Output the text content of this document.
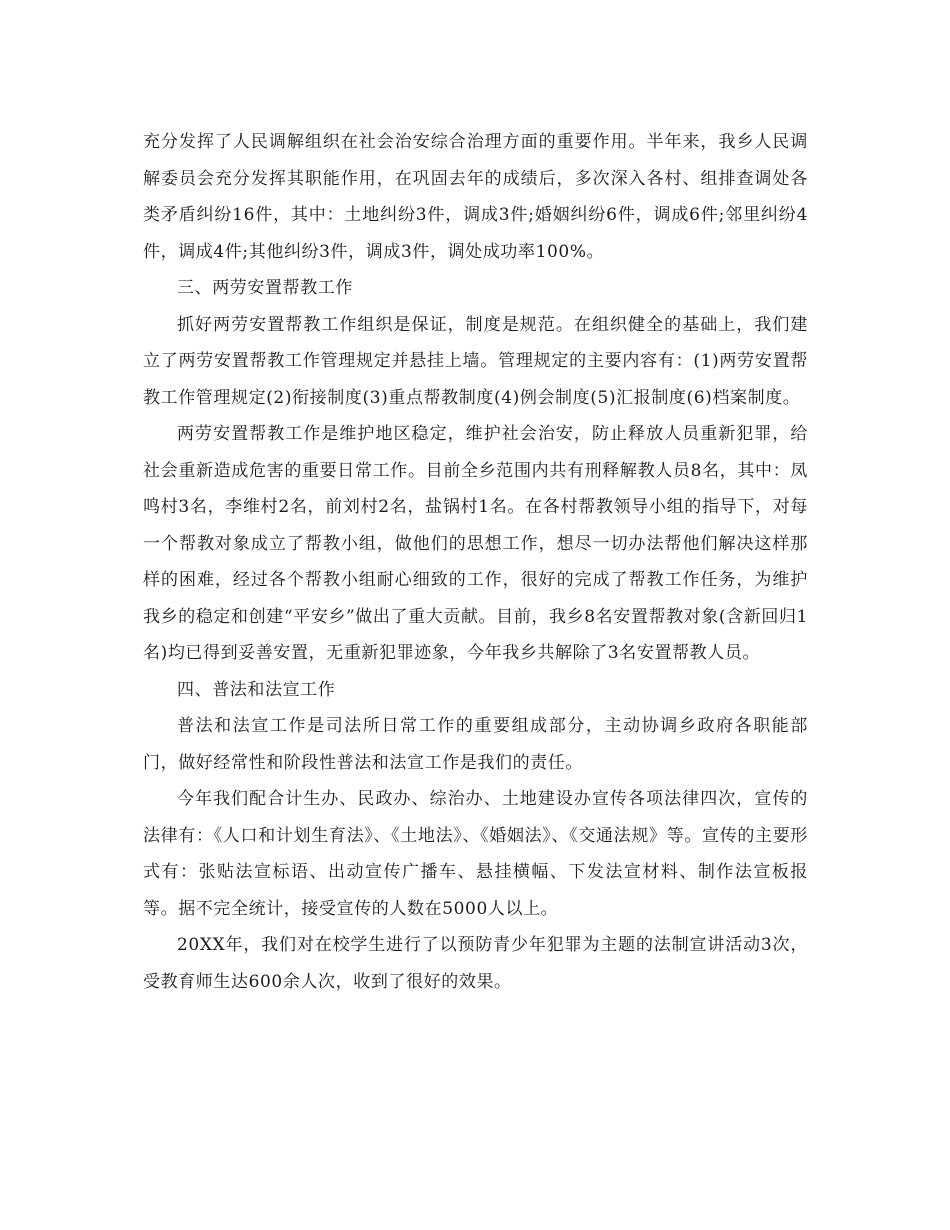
充分发挥了人民调解组织在社会治安综合治理方面的重要作用。半年来，我乡人民调解委员会充分发挥其职能作用，在巩固去年的成绩后，多次深入各村、组排查调处各类矛盾纠纷16件，其中：土地纠纷3件，调成3件;婚姻纠纷6件，调成6件;邻里纠纷4件，调成4件;其他纠纷3件，调成3件，调处成功率100%。

三、两劳安置帮教工作

抓好两劳安置帮教工作组织是保证，制度是规范。在组织健全的基础上，我们建立了两劳安置帮教工作管理规定并悬挂上墙。管理规定的主要内容有：(1)两劳安置帮教工作管理规定(2)衔接制度(3)重点帮教制度(4)例会制度(5)汇报制度(6)档案制度。

两劳安置帮教工作是维护地区稳定，维护社会治安，防止释放人员重新犯罪，给社会重新造成危害的重要日常工作。目前全乡范围内共有刑释解教人员8名，其中：凤鸣村3名，李维村2名，前刘村2名，盐锅村1名。在各村帮教领导小组的指导下，对每一个帮教对象成立了帮教小组，做他们的思想工作，想尽一切办法帮他们解决这样那样的困难，经过各个帮教小组耐心细致的工作，很好的完成了帮教工作任务，为维护我乡的稳定和创建“平安乡”做出了重大贡献。目前，我乡8名安置帮教对象(含新回归1名)均已得到妥善安置，无重新犯罪迹象，今年我乡共解除了3名安置帮教人员。

四、普法和法宣工作

普法和法宣工作是司法所日常工作的重要组成部分，主动协调乡政府各职能部门，做好经常性和阶段性普法和法宣工作是我们的责任。

今年我们配合计生办、民政办、综治办、土地建设办宣传各项法律四次，宣传的法律有：《人口和计划生育法》、《土地法》、《婚姻法》、《交通法规》等。宣传的主要形式有：张贴法宣标语、出动宣传广播车、悬挂横幅、下发法宣材料、制作法宣板报等。据不完全统计，接受宣传的人数在5000人以上。

20XX年，我们对在校学生进行了以预防青少年犯罪为主题的法制宣讲活动3次，受教育师生达600余人次，收到了很好的效果。
